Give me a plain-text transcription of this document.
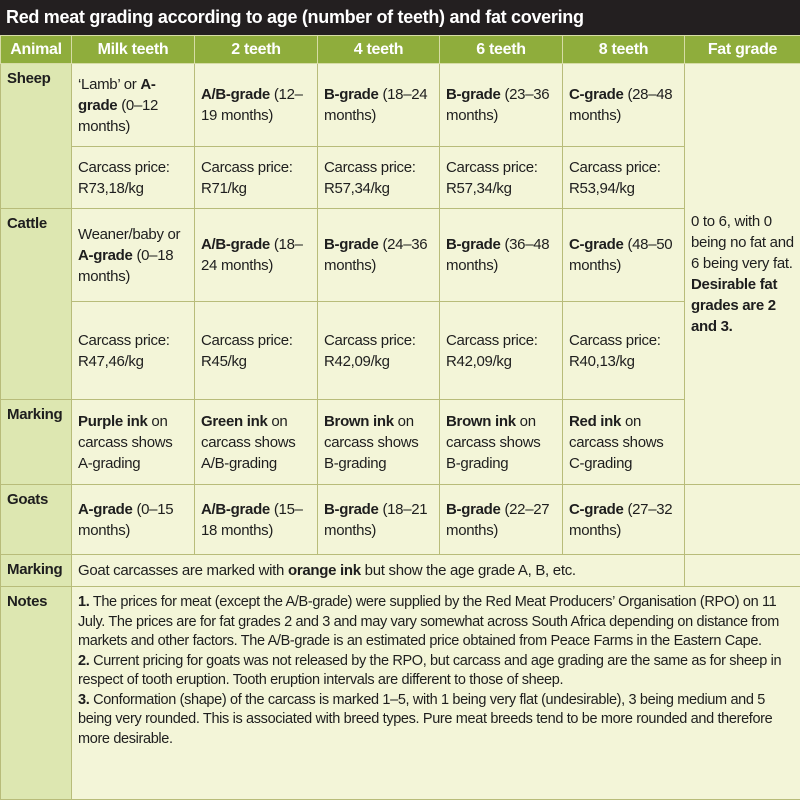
Red meat grading according to age (number of teeth) and fat covering
Animal	Milk teeth	2 teeth	4 teeth	6 teeth	8 teeth	Fat grade
Sheep	‘Lamb’ or A-grade (0–12 months)	A/B-grade (12–19 months)	B-grade (18–24 months)	B-grade (23–36 months)	C-grade (28–48 months)	0 to 6, with 0 being no fat and 6 being very fat. Desirable fat grades are 2 and 3.
	Carcass price: R73,18/kg	Carcass price: R71/kg	Carcass price: R57,34/kg	Carcass price: R57,34/kg	Carcass price: R53,94/kg	
Cattle	Weaner/baby or A-grade (0–18 months)	A/B-grade (18–24 months)	B-grade (24–36 months)	B-grade (36–48 months)	C-grade (48–50 months)	
	Carcass price: R47,46/kg	Carcass price: R45/kg	Carcass price: R42,09/kg	Carcass price: R42,09/kg	Carcass price: R40,13/kg	
Marking	Purple ink on carcass shows A-grading	Green ink on carcass shows A/B-grading	Brown ink on carcass shows B-grading	Brown ink on carcass shows B-grading	Red ink on carcass shows C-grading	
Goats	A-grade (0–15 months)	A/B-grade (15–18 months)	B-grade (18–21 months)	B-grade (22–27 months)	C-grade (27–32 months)	
Marking	Goat carcasses are marked with orange ink but show the age grade A, B, etc.					
Notes	1. The prices for meat (except the A/B-grade) were supplied by the Red Meat Producers’ Organisation (RPO) on 11 July. The prices are for fat grades 2 and 3 and may vary somewhat across South Africa depending on distance from markets and other factors. The A/B-grade is an estimated price obtained from Peace Farms in the Eastern Cape.

2. Current pricing for goats was not released by the RPO, but carcass and age grading are the same as for sheep in respect of tooth eruption. Tooth eruption intervals are different to those of sheep.

3. Conformation (shape) of the carcass is marked 1–5, with 1 being very flat (undesirable), 3 being medium and 5 being very rounded. This is associated with breed types. Pure meat breeds tend to be more rounded and therefore more desirable.					
